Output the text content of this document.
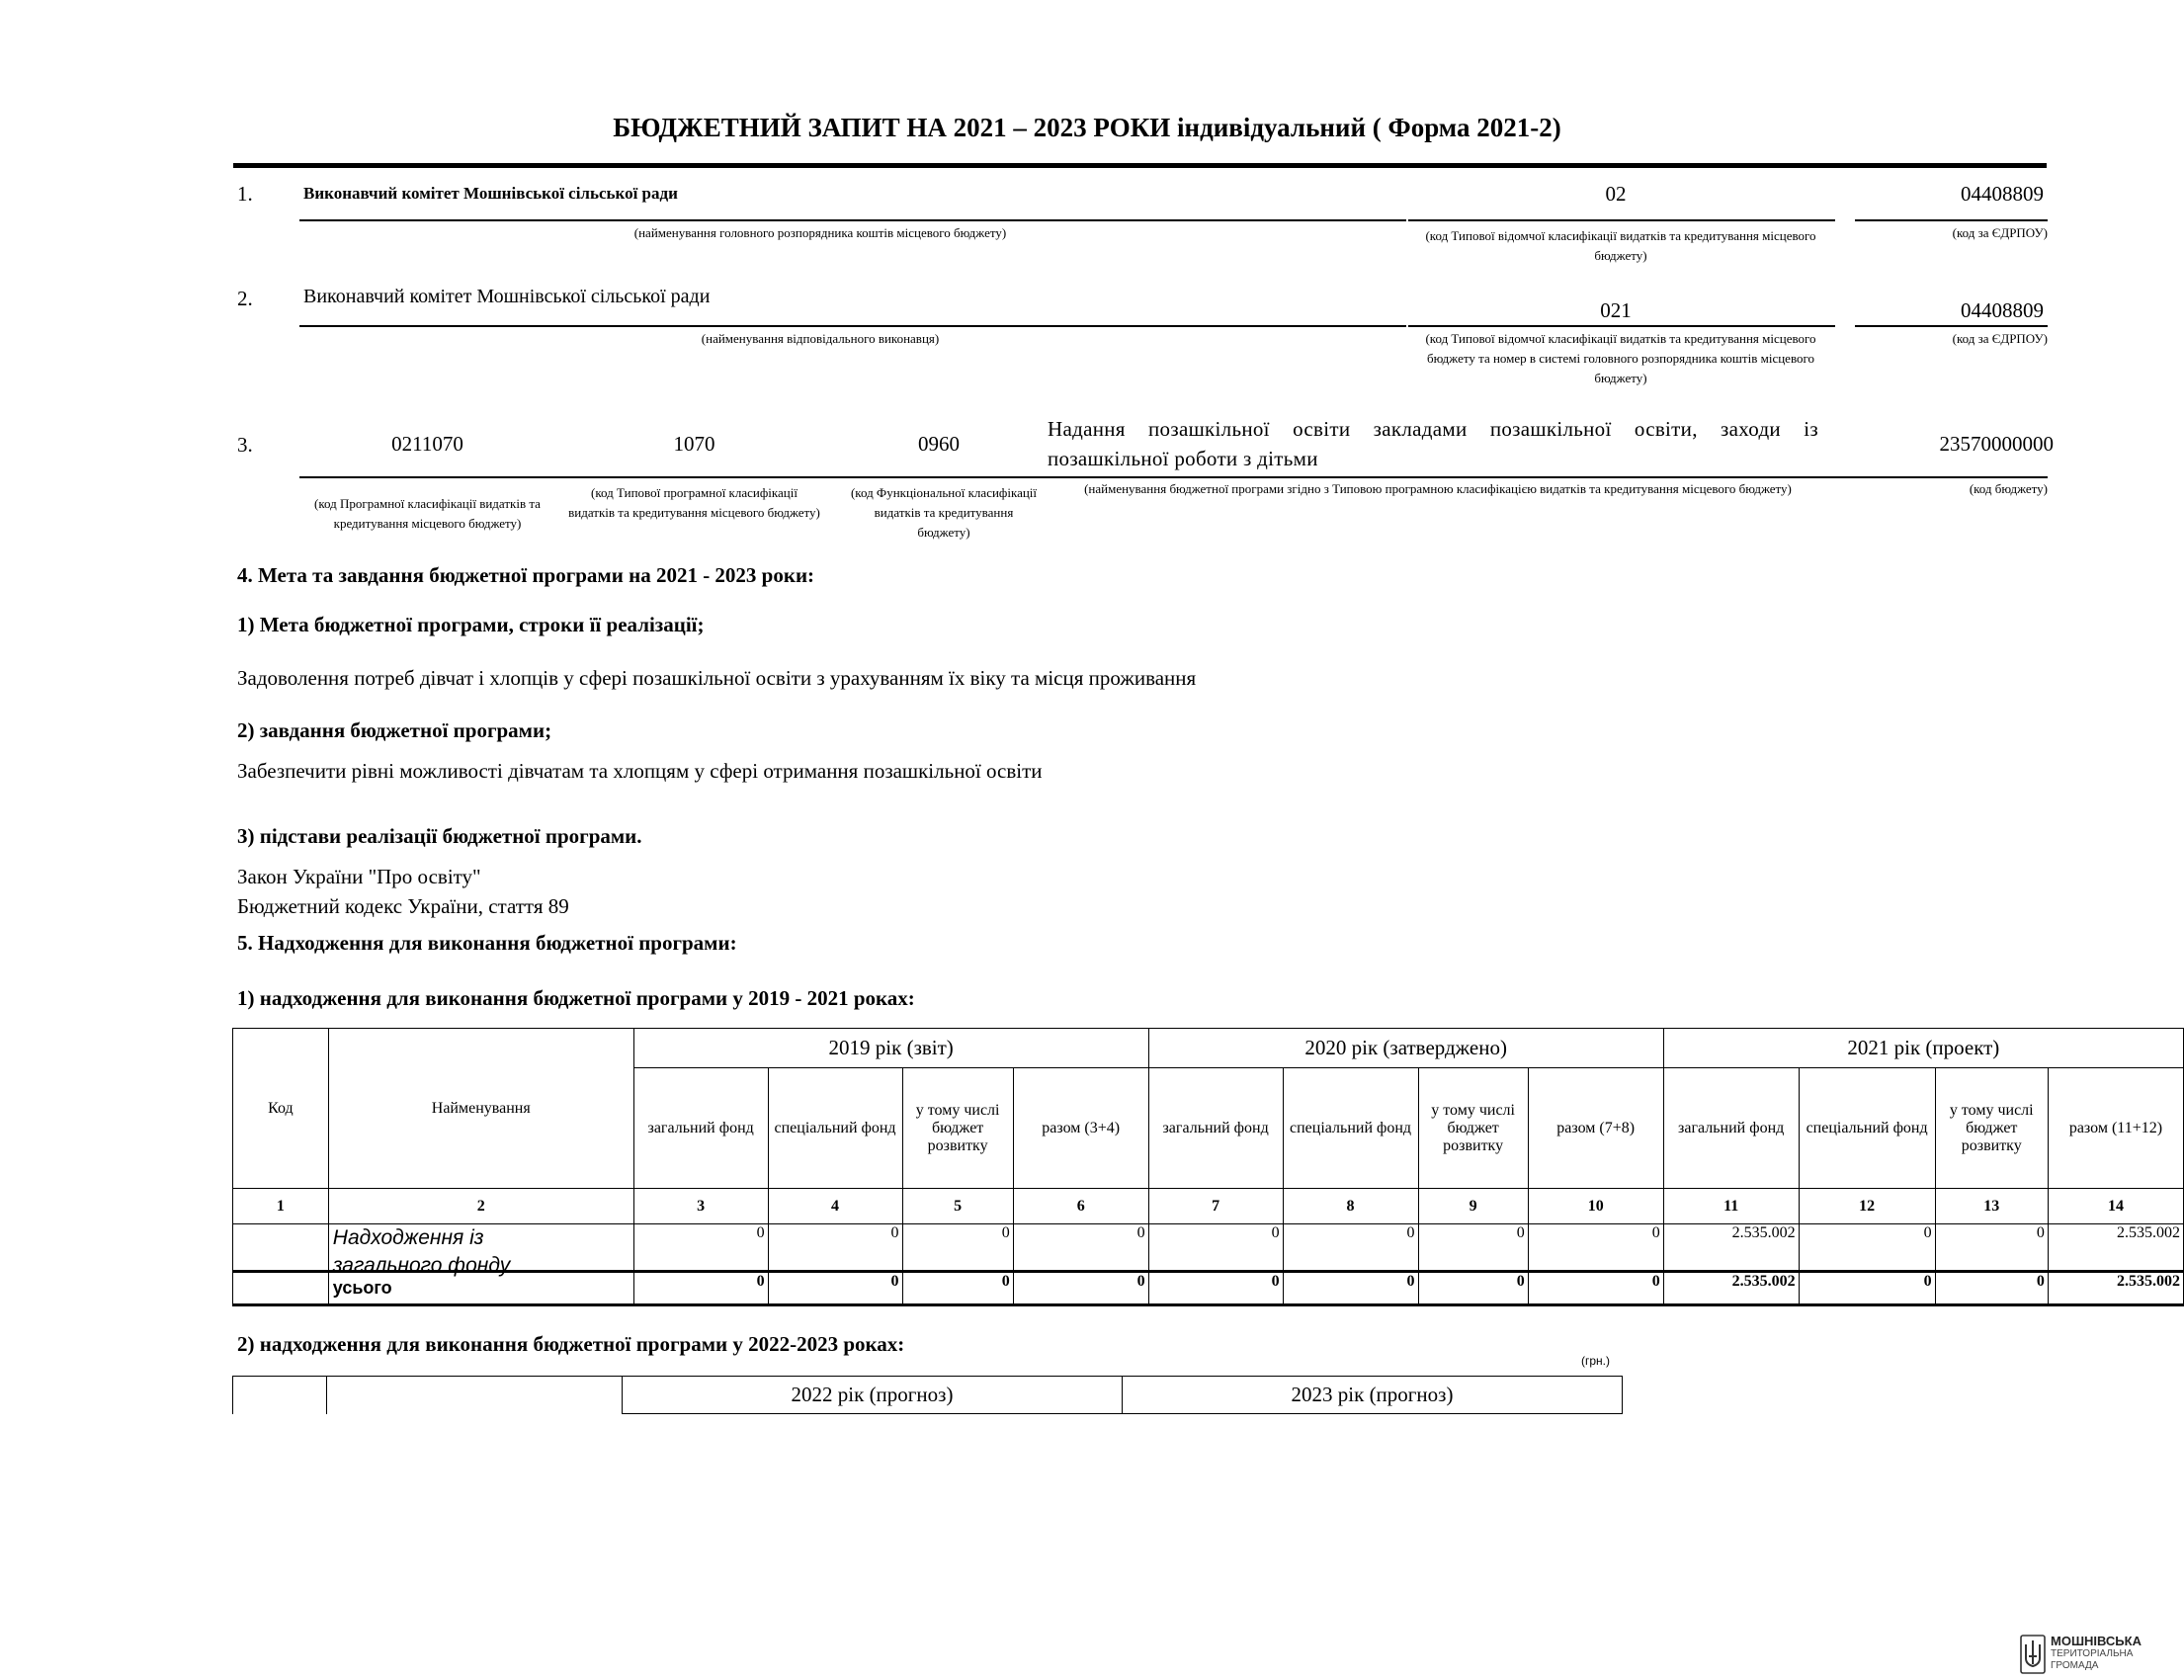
БЮДЖЕТНИЙ ЗАПИТ НА 2021 – 2023 РОКИ індивідуальний ( Форма 2021-2)
1.	Виконавчий комітет Мошнівської сільської ради	02	04408809
(найменування головного розпорядника коштів місцевого бюджету)	(код Типової відомчої класифікації видатків та кредитування місцевого бюджету)
(код за ЄДРПОУ)
2.	Виконавчий комітет Мошнівської сільської ради
021	04408809
(найменування відповідального виконавця)	(код Типової відомчої класифікації видатків та кредитування місцевого бюджету та номер в системі головного розпорядника коштів місцевого бюджету)
(код за ЄДРПОУ)
3.	0211070	1070	0960
Надання позашкільної освіти закладами позашкільної освіти, заходи із позашкільної роботи з дітьми
23570000000
(код Програмної класифікації видатків та кредитування місцевого бюджету)
(код Типової програмної класифікації видатків та кредитування місцевого бюджету)
(код Функціональної класифікації видатків та кредитування бюджету)
(найменування бюджетної програми згідно з Типовою програмною класифікацією видатків та кредитування місцевого бюджету)	(код бюджету)
4. Мета та завдання бюджетної програми на 2021 - 2023 роки:
1) Мета бюджетної програми, строки її реалізації;
Задоволення потреб дівчат і хлопців у сфері позашкільної освіти з урахуванням їх віку та місця проживання
2) завдання бюджетної програми;
Забезпечити рівні можливості дівчатам та хлопцям у сфері отримання позашкільної освіти
3) підстави реалізації бюджетної програми.
Закон України "Про освіту"
Бюджетний кодекс України, стаття 89
5. Надходження для виконання бюджетної програми:
1) надходження для виконання бюджетної програми у 2019 - 2021 роках:
Код	Найменування	2019 рік (звіт)				2020 рік (затверджено)				2021 рік (проект)			
		загальний фонд	спеціальний фонд	у тому числі бюджет розвитку	разом (3+4)	загальний фонд	спеціальний фонд	у тому числі бюджет розвитку	разом (7+8)	загальний фонд	спеціальний фонд	у тому числі бюджет розвитку	разом (11+12)
1	2	3	4	5	6	7	8	9	10	11	12	13	14

	Надходження із загального фонду	0	0	0	0	0	0	0	0	2.535.002	0	0	2.535.002
	усього	0	0	0	0	0	0	0	0	2.535.002	0	0	2.535.002
2) надходження для виконання бюджетної програми у 2022-2023 роках:
(грн.)
		2022 рік (прогноз)	2023 рік (прогноз)
МОШНІВСЬКА
ТЕРИТОРІАЛЬНА
ГРОМАДА
